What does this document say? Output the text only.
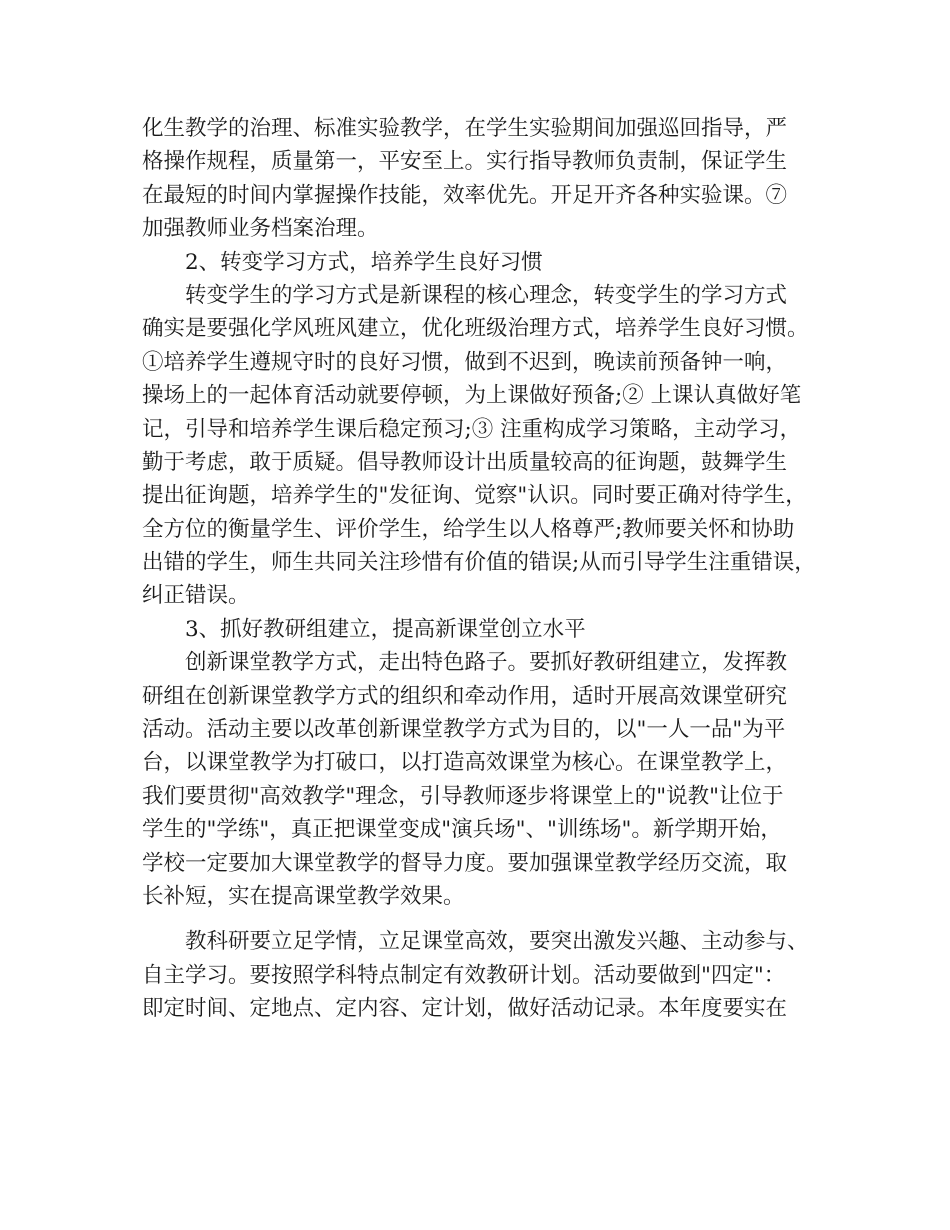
化生教学的治理、标准实验教学，在学生实验期间加强巡回指导，严
格操作规程，质量第一，平安至上。实行指导教师负责制，保证学生
在最短的时间内掌握操作技能，效率优先。开足开齐各种实验课。⑦
加强教师业务档案治理。
2、转变学习方式，培养学生良好习惯
转变学生的学习方式是新课程的核心理念，转变学生的学习方式
确实是要强化学风班风建立，优化班级治理方式，培养学生良好习惯。
①培养学生遵规守时的良好习惯，做到不迟到，晚读前预备钟一响，
操场上的一起体育活动就要停顿，为上课做好预备;② 上课认真做好笔
记，引导和培养学生课后稳定预习;③ 注重构成学习策略，主动学习，
勤于考虑，敢于质疑。倡导教师设计出质量较高的征询题，鼓舞学生
提出征询题，培养学生的"发征询、觉察"认识。同时要正确对待学生，
全方位的衡量学生、评价学生，给学生以人格尊严;教师要关怀和协助
出错的学生，师生共同关注珍惜有价值的错误;从而引导学生注重错误，
纠正错误。
3、抓好教研组建立，提高新课堂创立水平
创新课堂教学方式，走出特色路子。要抓好教研组建立，发挥教
研组在创新课堂教学方式的组织和牵动作用，适时开展高效课堂研究
活动。活动主要以改革创新课堂教学方式为目的，以"一人一品"为平
台，以课堂教学为打破口，以打造高效课堂为核心。在课堂教学上，
我们要贯彻"高效教学"理念，引导教师逐步将课堂上的"说教"让位于
学生的"学练"，真正把课堂变成"演兵场"、"训练场"。新学期开始，
学校一定要加大课堂教学的督导力度。要加强课堂教学经历交流，取
长补短，实在提高课堂教学效果。
教科研要立足学情，立足课堂高效，要突出激发兴趣、主动参与、
自主学习。要按照学科特点制定有效教研计划。活动要做到"四定"：
即定时间、定地点、定内容、定计划，做好活动记录。本年度要实在
